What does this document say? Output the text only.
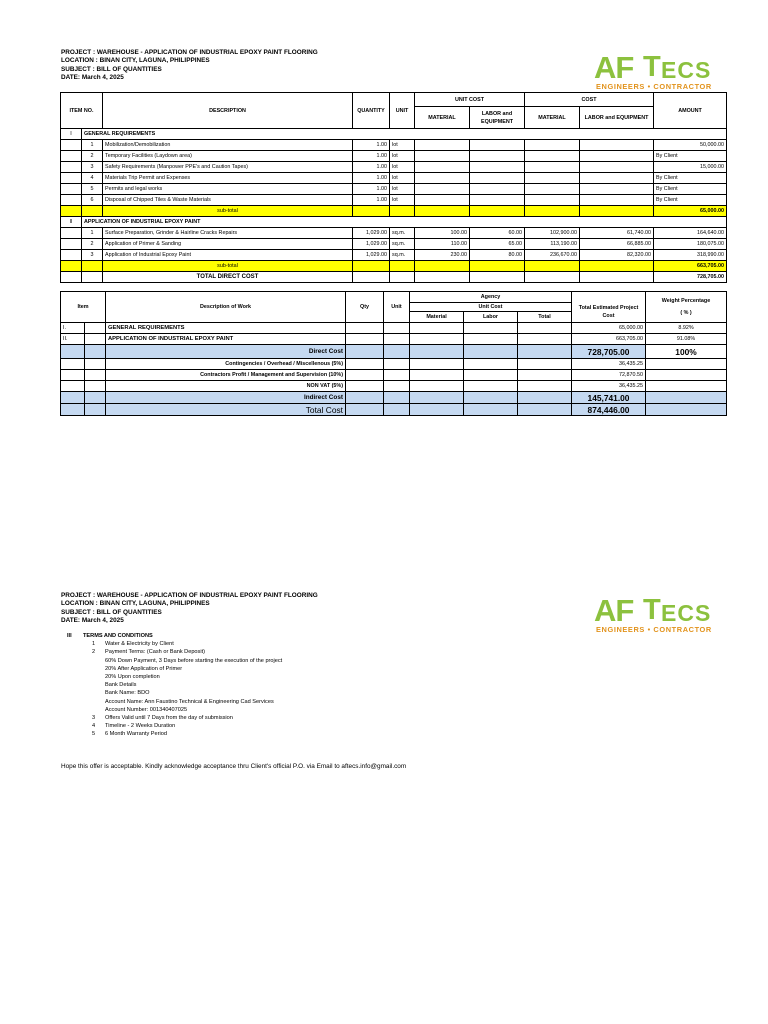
PROJECT : WAREHOUSE - APPLICATION OF INDUSTRIAL EPOXY PAINT FLOORING
LOCATION : BINAN CITY, LAGUNA, PHILIPPINES
SUBJECT : BILL OF QUANTITIES
DATE: March 4, 2025	AF T ECS
ENGINEERS • CONTRACTOR
ITEM NO.		DESCRIPTION	QUANTITY	UNIT	UNIT COST		COST		AMOUNT
					MATERIAL	LABOR and EQUIPMENT	MATERIAL	LABOR and EQUIPMENT	
I	GENERAL REQUIREMENTS								
	1	Mobilization/Demobilization	1.00	lot					50,000.00
	2	Temporary Facilities (Laydown area)	1.00	lot					By Client
	3	Safety Requirements (Manpower PPE's and Caution Tapes)	1.00	lot					15,000.00
	4	Materials Trip Permit and Expenses	1.00	lot					By Client
	5	Permits and legal works	1.00	lot					By Client
	6	Disposal of Chipped Tiles & Waste Materials	1.00	lot					By Client
		sub-total							65,000.00
II	APPLICATION OF INDUSTRIAL EPOXY PAINT								
	1	Surface Preparation, Grinder & Hairline Cracks Repairs	1,029.00	sq.m.	100.00	60.00	102,900.00	61,740.00	164,640.00
	2	Application of Primer & Sanding	1,029.00	sq.m.	110.00	65.00	113,190.00	66,885.00	180,075.00
	3	Application of Industrial Epoxy Paint	1,029.00	sq.m.	230.00	80.00	236,670.00	82,320.00	318,990.00
		sub-total							663,705.00
		TOTAL DIRECT COST							728,705.00
Item		Description of Work	Qty	Unit	Agency				Weight Percentage
( % )
					Unit Cost			Total Estimated Project Cost	
					Material	Labor	Total		
I.		GENERAL REQUIREMENTS						65,000.00	8.92%
II.		APPLICATION OF INDUSTRIAL EPOXY PAINT						663,705.00	91.08%
		Direct Cost						728,705.00	100%
		Contingencies / Overhead / Miscellenous (5%)						36,435.25	
		Contractors Profit / Management and Supervision (10%)						72,870.50	
		NON VAT (5%)						36,435.25	
		Indirect Cost						145,741.00	
		Total Cost						874,446.00	
PROJECT : WAREHOUSE - APPLICATION OF INDUSTRIAL EPOXY PAINT FLOORING
LOCATION : BINAN CITY, LAGUNA, PHILIPPINES
SUBJECT : BILL OF QUANTITIES
DATE: March 4, 2025	AF T ECS
ENGINEERS • CONTRACTOR
III TERMS AND CONDITIONS
1 Water & Electricity by Client
2 Payment Terms: (Cash or Bank Deposit)
60% Down Payment, 3 Days before starting the execution of the project
20% After Application of Primer
20% Upon completion
Bank Details
Bank Name: BDO
Account Name: Ann Faustino Technical & Engineering Cad Services
Account Number: 001340407025
3 Offers Valid until 7 Days from the day of submission
4 Timeline - 2 Weeks Duration
5 6 Month Warranty Period
Hope this offer is acceptable. Kindly acknowledge acceptance thru Client's official P.O. via Email to aftecs.info@gmail.com
